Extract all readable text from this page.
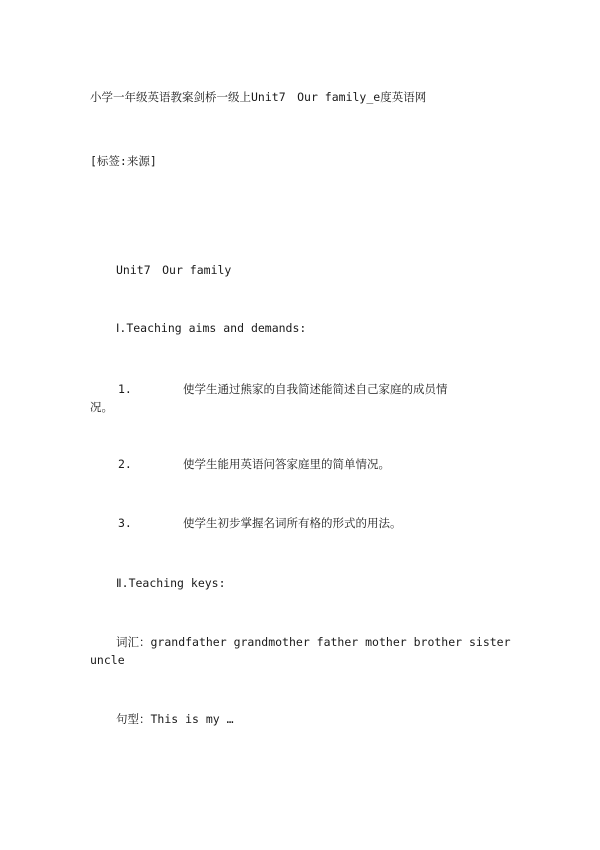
小学一年级英语教案剑桥一级上Unit7　Our family_e度英语网
[标签:来源]
Unit7　Our family
Ⅰ.Teaching aims and demands:
1.	使学生通过熊家的自我简述能简述自己家庭的成员情
况。
2.	使学生能用英语问答家庭里的简单情况。
3.	使学生初步掌握名词所有格的形式的用法。
Ⅱ.Teaching keys:
词汇：grandfather grandmother father mother brother sister
uncle
句型：This is my …
